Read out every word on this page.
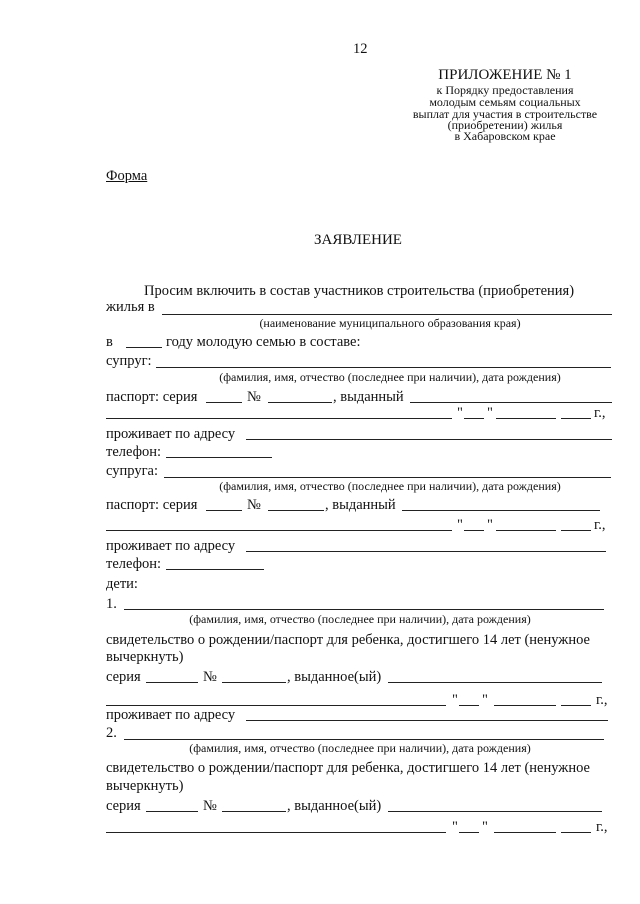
12
ПРИЛОЖЕНИЕ № 1
к Порядку предоставления
молодым семьям социальных
выплат для участия в строительстве
(приобретении) жилья
в Хабаровском крае
Форма
ЗАЯВЛЕНИЕ
Просим включить в состав участников строительства (приобретения)
жилья в
(наименование муниципального образования края)
в	году молодую семью в составе:
супруг:
(фамилия, имя, отчество (последнее при наличии), дата рождения)
паспорт: серия	№	, выданный
" "	г.,
проживает по адресу
телефон:
супруга:
(фамилия, имя, отчество (последнее при наличии), дата рождения)
паспорт: серия	№	, выданный
" "	г.,
проживает по адресу
телефон:
дети:
1.
(фамилия, имя, отчество (последнее при наличии), дата рождения)
свидетельство о рождении/паспорт для ребенка, достигшего 14 лет (ненужное
вычеркнуть)
серия	№	, выданное(ый)
" "	г.,
проживает по адресу
2.
(фамилия, имя, отчество (последнее при наличии), дата рождения)
свидетельство о рождении/паспорт для ребенка, достигшего 14 лет (ненужное
вычеркнуть)
серия	№	, выданное(ый)
" "	г.,
